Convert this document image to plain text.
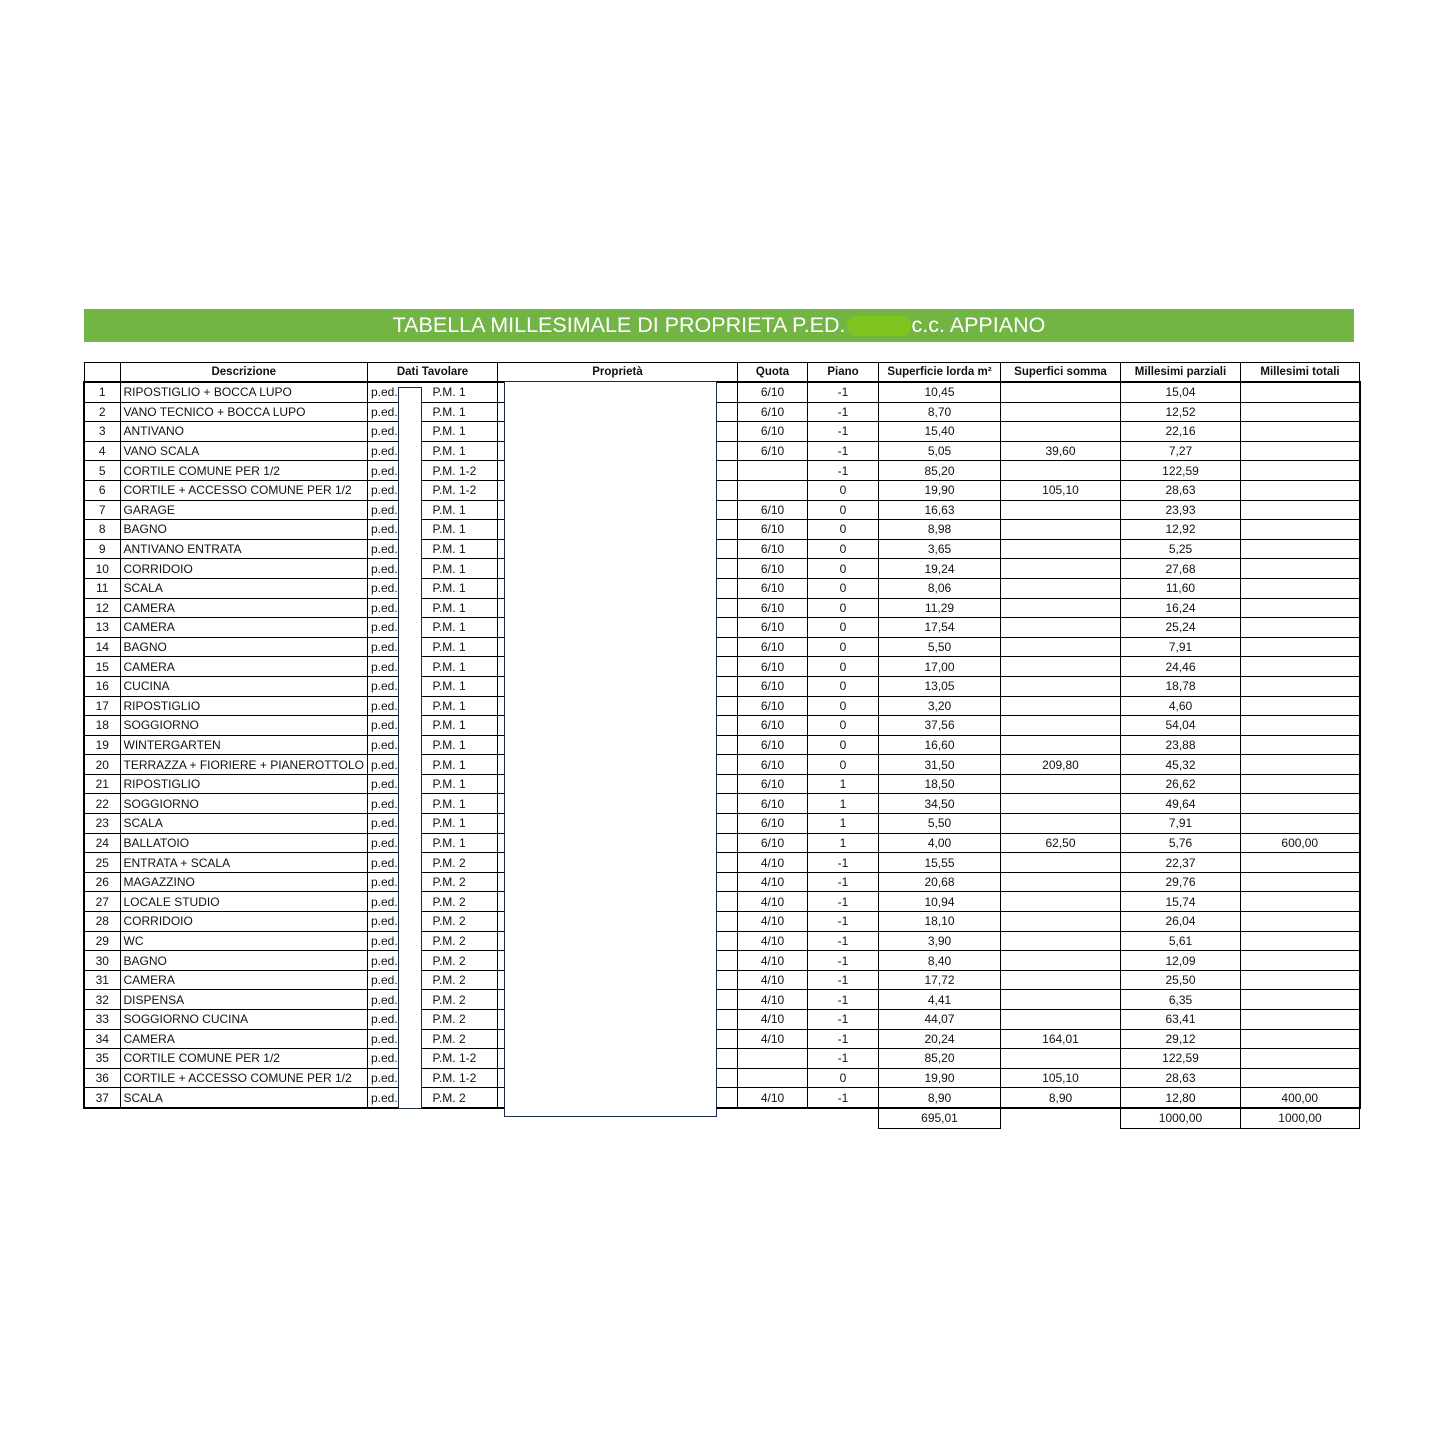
TABELLA MILLESIMALE DI PROPRIETA P.ED.	c.c. APPIANO
	Descrizione	Dati Tavolare			Proprietà	Quota	Piano	Superficie lorda m²	Superfici somma	Millesimi parziali	Millesimi totali
1	RIPOSTIGLIO + BOCCA LUPO	p.ed.		P.M. 1		6/10	-1	10,45		15,04	
2	VANO TECNICO + BOCCA LUPO	p.ed.		P.M. 1		6/10	-1	8,70		12,52	
3	ANTIVANO	p.ed.		P.M. 1		6/10	-1	15,40		22,16	
4	VANO SCALA	p.ed.		P.M. 1		6/10	-1	5,05	39,60	7,27	
5	CORTILE COMUNE PER 1/2	p.ed.		P.M. 1-2			-1	85,20		122,59	
6	CORTILE + ACCESSO COMUNE PER 1/2	p.ed.		P.M. 1-2			0	19,90	105,10	28,63	
7	GARAGE	p.ed.		P.M. 1		6/10	0	16,63		23,93	
8	BAGNO	p.ed.		P.M. 1		6/10	0	8,98		12,92	
9	ANTIVANO ENTRATA	p.ed.		P.M. 1		6/10	0	3,65		5,25	
10	CORRIDOIO	p.ed.		P.M. 1		6/10	0	19,24		27,68	
11	SCALA	p.ed.		P.M. 1		6/10	0	8,06		11,60	
12	CAMERA	p.ed.		P.M. 1		6/10	0	11,29		16,24	
13	CAMERA	p.ed.		P.M. 1		6/10	0	17,54		25,24	
14	BAGNO	p.ed.		P.M. 1		6/10	0	5,50		7,91	
15	CAMERA	p.ed.		P.M. 1		6/10	0	17,00		24,46	
16	CUCINA	p.ed.		P.M. 1		6/10	0	13,05		18,78	
17	RIPOSTIGLIO	p.ed.		P.M. 1		6/10	0	3,20		4,60	
18	SOGGIORNO	p.ed.		P.M. 1		6/10	0	37,56		54,04	
19	WINTERGARTEN	p.ed.		P.M. 1		6/10	0	16,60		23,88	
20	TERRAZZA + FIORIERE + PIANEROTTOLO	p.ed.		P.M. 1		6/10	0	31,50	209,80	45,32	
21	RIPOSTIGLIO	p.ed.		P.M. 1		6/10	1	18,50		26,62	
22	SOGGIORNO	p.ed.		P.M. 1		6/10	1	34,50		49,64	
23	SCALA	p.ed.		P.M. 1		6/10	1	5,50		7,91	
24	BALLATOIO	p.ed.		P.M. 1		6/10	1	4,00	62,50	5,76	600,00
25	ENTRATA + SCALA	p.ed.		P.M. 2		4/10	-1	15,55		22,37	
26	MAGAZZINO	p.ed.		P.M. 2		4/10	-1	20,68		29,76	
27	LOCALE STUDIO	p.ed.		P.M. 2		4/10	-1	10,94		15,74	
28	CORRIDOIO	p.ed.		P.M. 2		4/10	-1	18,10		26,04	
29	WC	p.ed.		P.M. 2		4/10	-1	3,90		5,61	
30	BAGNO	p.ed.		P.M. 2		4/10	-1	8,40		12,09	
31	CAMERA	p.ed.		P.M. 2		4/10	-1	17,72		25,50	
32	DISPENSA	p.ed.		P.M. 2		4/10	-1	4,41		6,35	
33	SOGGIORNO CUCINA	p.ed.		P.M. 2		4/10	-1	44,07		63,41	
34	CAMERA	p.ed.		P.M. 2		4/10	-1	20,24	164,01	29,12	
35	CORTILE COMUNE PER 1/2	p.ed.		P.M. 1-2			-1	85,20		122,59	
36	CORTILE + ACCESSO COMUNE PER 1/2	p.ed.		P.M. 1-2			0	19,90	105,10	28,63	
37	SCALA	p.ed.		P.M. 2		4/10	-1	8,90	8,90	12,80	400,00
								695,01		1000,00	1000,00
